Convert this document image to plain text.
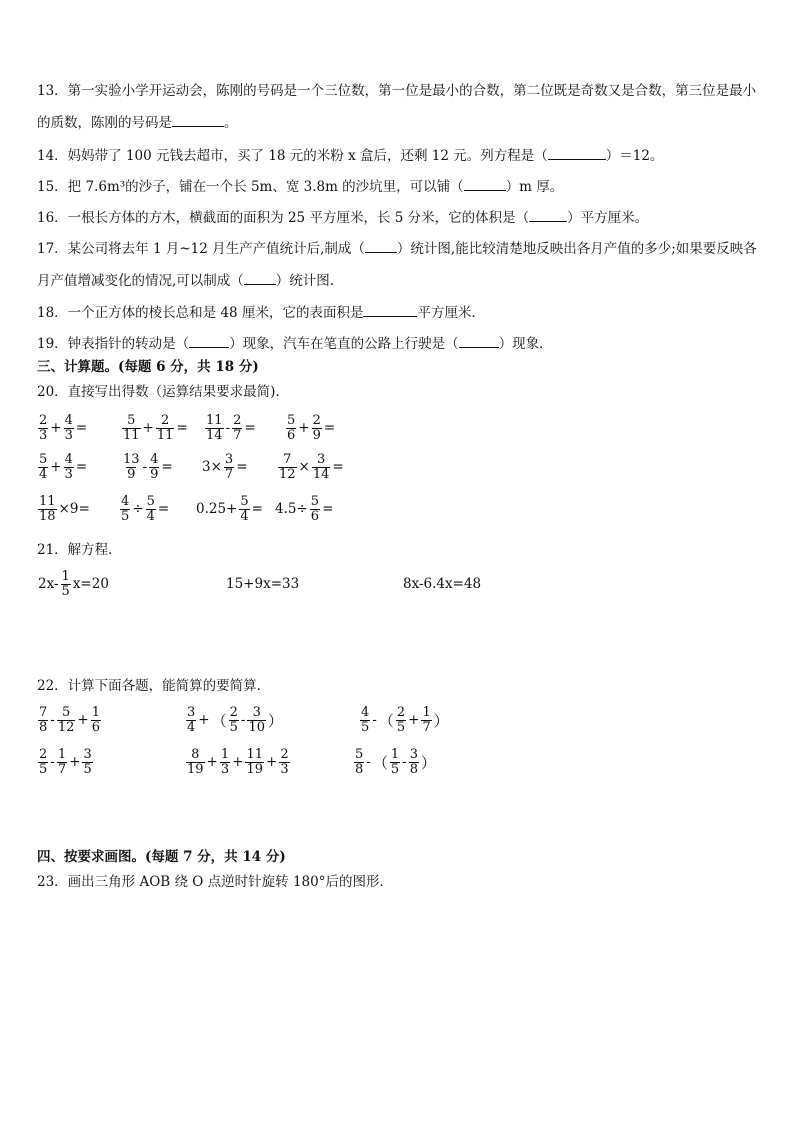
13．第一实验小学开运动会，陈刚的号码是一个三位数，第一位是最小的合数，第二位既是奇数又是合数，第三位是最小的质数，陈刚的号码是	。
14．妈妈带了 100 元钱去超市，买了 18 元的米粉 x 盒后，还剩 12 元。列方程是（	）＝12。
15．把 7.6m³的沙子，铺在一个长 5m、宽 3.8m 的沙坑里，可以铺（	）m 厚。
16．一根长方体的方木，横截面的面积为 25 平方厘米，长 5 分米，它的体积是（	）平方厘米。
17．某公司将去年 1 月~12 月生产产值统计后,制成（ ）统计图,能比较清楚地反映出各月产值的多少;如果要反映各月产值增减变化的情况,可以制成（ ）统计图.
18．一个正方体的棱长总和是 48 厘米，它的表面积是	平方厘米．
19．钟表指针的转动是（	）现象，汽车在笔直的公路上行驶是（	）现象．
三、计算题。(每题 6 分，共 18 分)
20．直接写出得数（运算结果要求最简)．
$\frac{2}{3} + \frac{4}{3}$ =	$\frac{5}{11} + \frac{2}{11} = \frac{11}{14} - \frac{2}{7} = \frac{5}{6} + \frac{2}{9}$ =
$\frac{5}{4} + \frac{4}{3}$ =	$\frac{13}{9} - \frac{4}{9} = 3\times \frac{3}{7} = \frac{7}{12} \times \frac{3}{14}$ =
$\frac{11}{18} \times 9= \frac{4}{5} \div \frac{5}{4} = 0.25+ \frac{5}{4} = 4.5\div \frac{5}{6}$ =
21．解方程．
$2x- \frac{1}{5} x=20$	15+9x=33	8x-6.4x=48
22．计算下面各题，能简算的要简算．
$\frac{7}{8} - \frac{5}{12} + \frac{1}{6}$	$\frac{3}{4}$ + （ $\frac{2}{5} - \frac{3}{10}$ ）	$\frac{4}{5}$ - （ $\frac{2}{5} + \frac{1}{7}$ ）
$\frac{2}{5} - \frac{1}{7} + \frac{3}{5}$	$\frac{8}{19} + \frac{1}{3} + \frac{11}{19} + \frac{2}{3}$	$\frac{5}{8}$ - （ $\frac{1}{5} - \frac{3}{8}$ ）
四、按要求画图。(每题 7 分，共 14 分)
23．画出三角形 AOB 绕 O 点逆时针旋转 180°后的图形．
